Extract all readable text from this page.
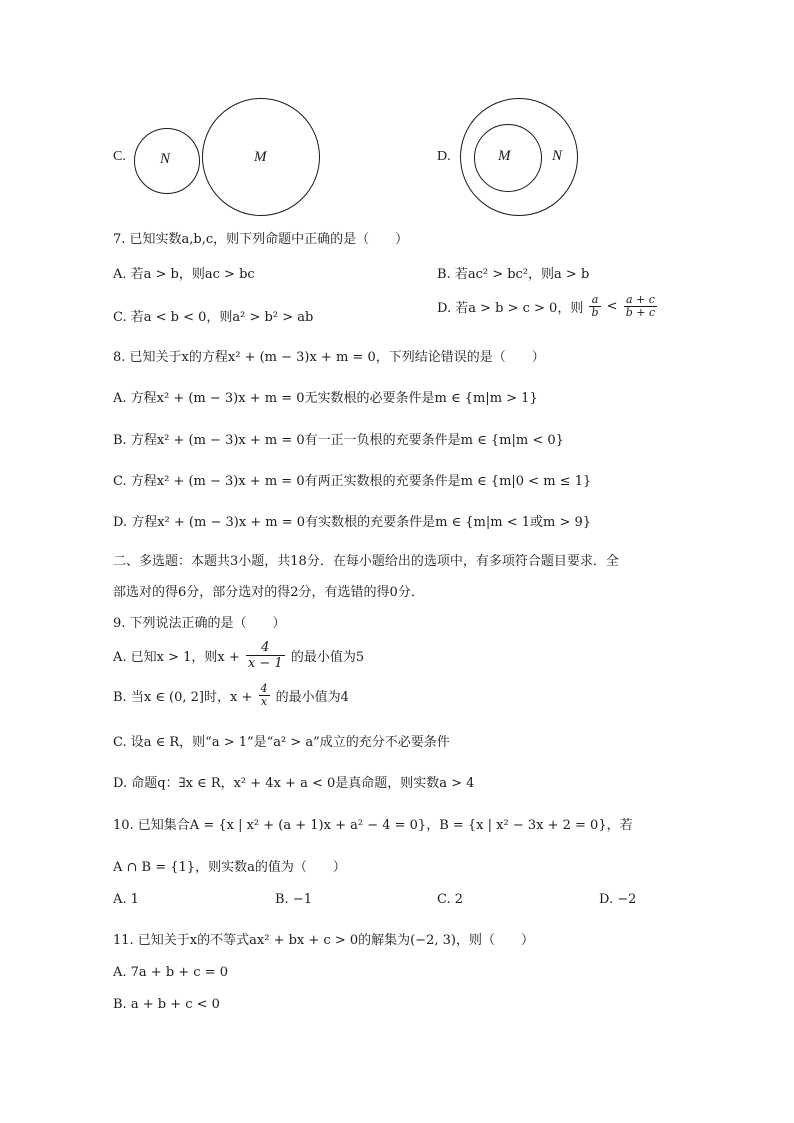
C. N	M	D.	M	N
7. 已知实数a,b,c，则下列命题中正确的是（　　）
A. 若a > b，则ac > bc	B. 若ac² > bc²，则a > b
C. 若a < b < 0，则a² > b² > ab
D. 若a > b > c > 0，则 $\frac{a}{b} < \frac{a + c}{b + c}$
8. 已知关于x的方程x² + (m − 3)x + m = 0，下列结论错误的是（　　）
A. 方程x² + (m − 3)x + m = 0无实数根的必要条件是m ∈ {m|m > 1}
B. 方程x² + (m − 3)x + m = 0有一正一负根的充要条件是m ∈ {m|m < 0}
C. 方程x² + (m − 3)x + m = 0有两正实数根的充要条件是m ∈ {m|0 < m ≤ 1}
D. 方程x² + (m − 3)x + m = 0有实数根的充要条件是m ∈ {m|m < 1或m > 9}
二、多选题：本题共3小题，共18分．在每小题给出的选项中，有多项符合题目要求．全
部选对的得6分，部分选对的得2分，有选错的得0分．
9. 下列说法正确的是（　　）
A. 已知x > 1，则$x + \frac{4}{x - 1}$ 的最小值为5
B. 当x ∈ (0, 2]时，$x + \frac{4}{x}$ 的最小值为4
C. 设a ∈ R，则“a > 1”是“a² > a”成立的充分不必要条件
D. 命题q：∃x ∈ R，x² + 4x + a < 0是真命题，则实数a > 4
10. 已知集合A = {x | x² + (a + 1)x + a² − 4 = 0}，B = {x | x² − 3x + 2 = 0}，若
A ∩ B = {1}，则实数a的值为（　　）
A. 1	B. −1	C. 2	D. −2
11. 已知关于x的不等式ax² + bx + c > 0的解集为(−2, 3)，则（　　）
A. 7a + b + c = 0
B. a + b + c < 0
